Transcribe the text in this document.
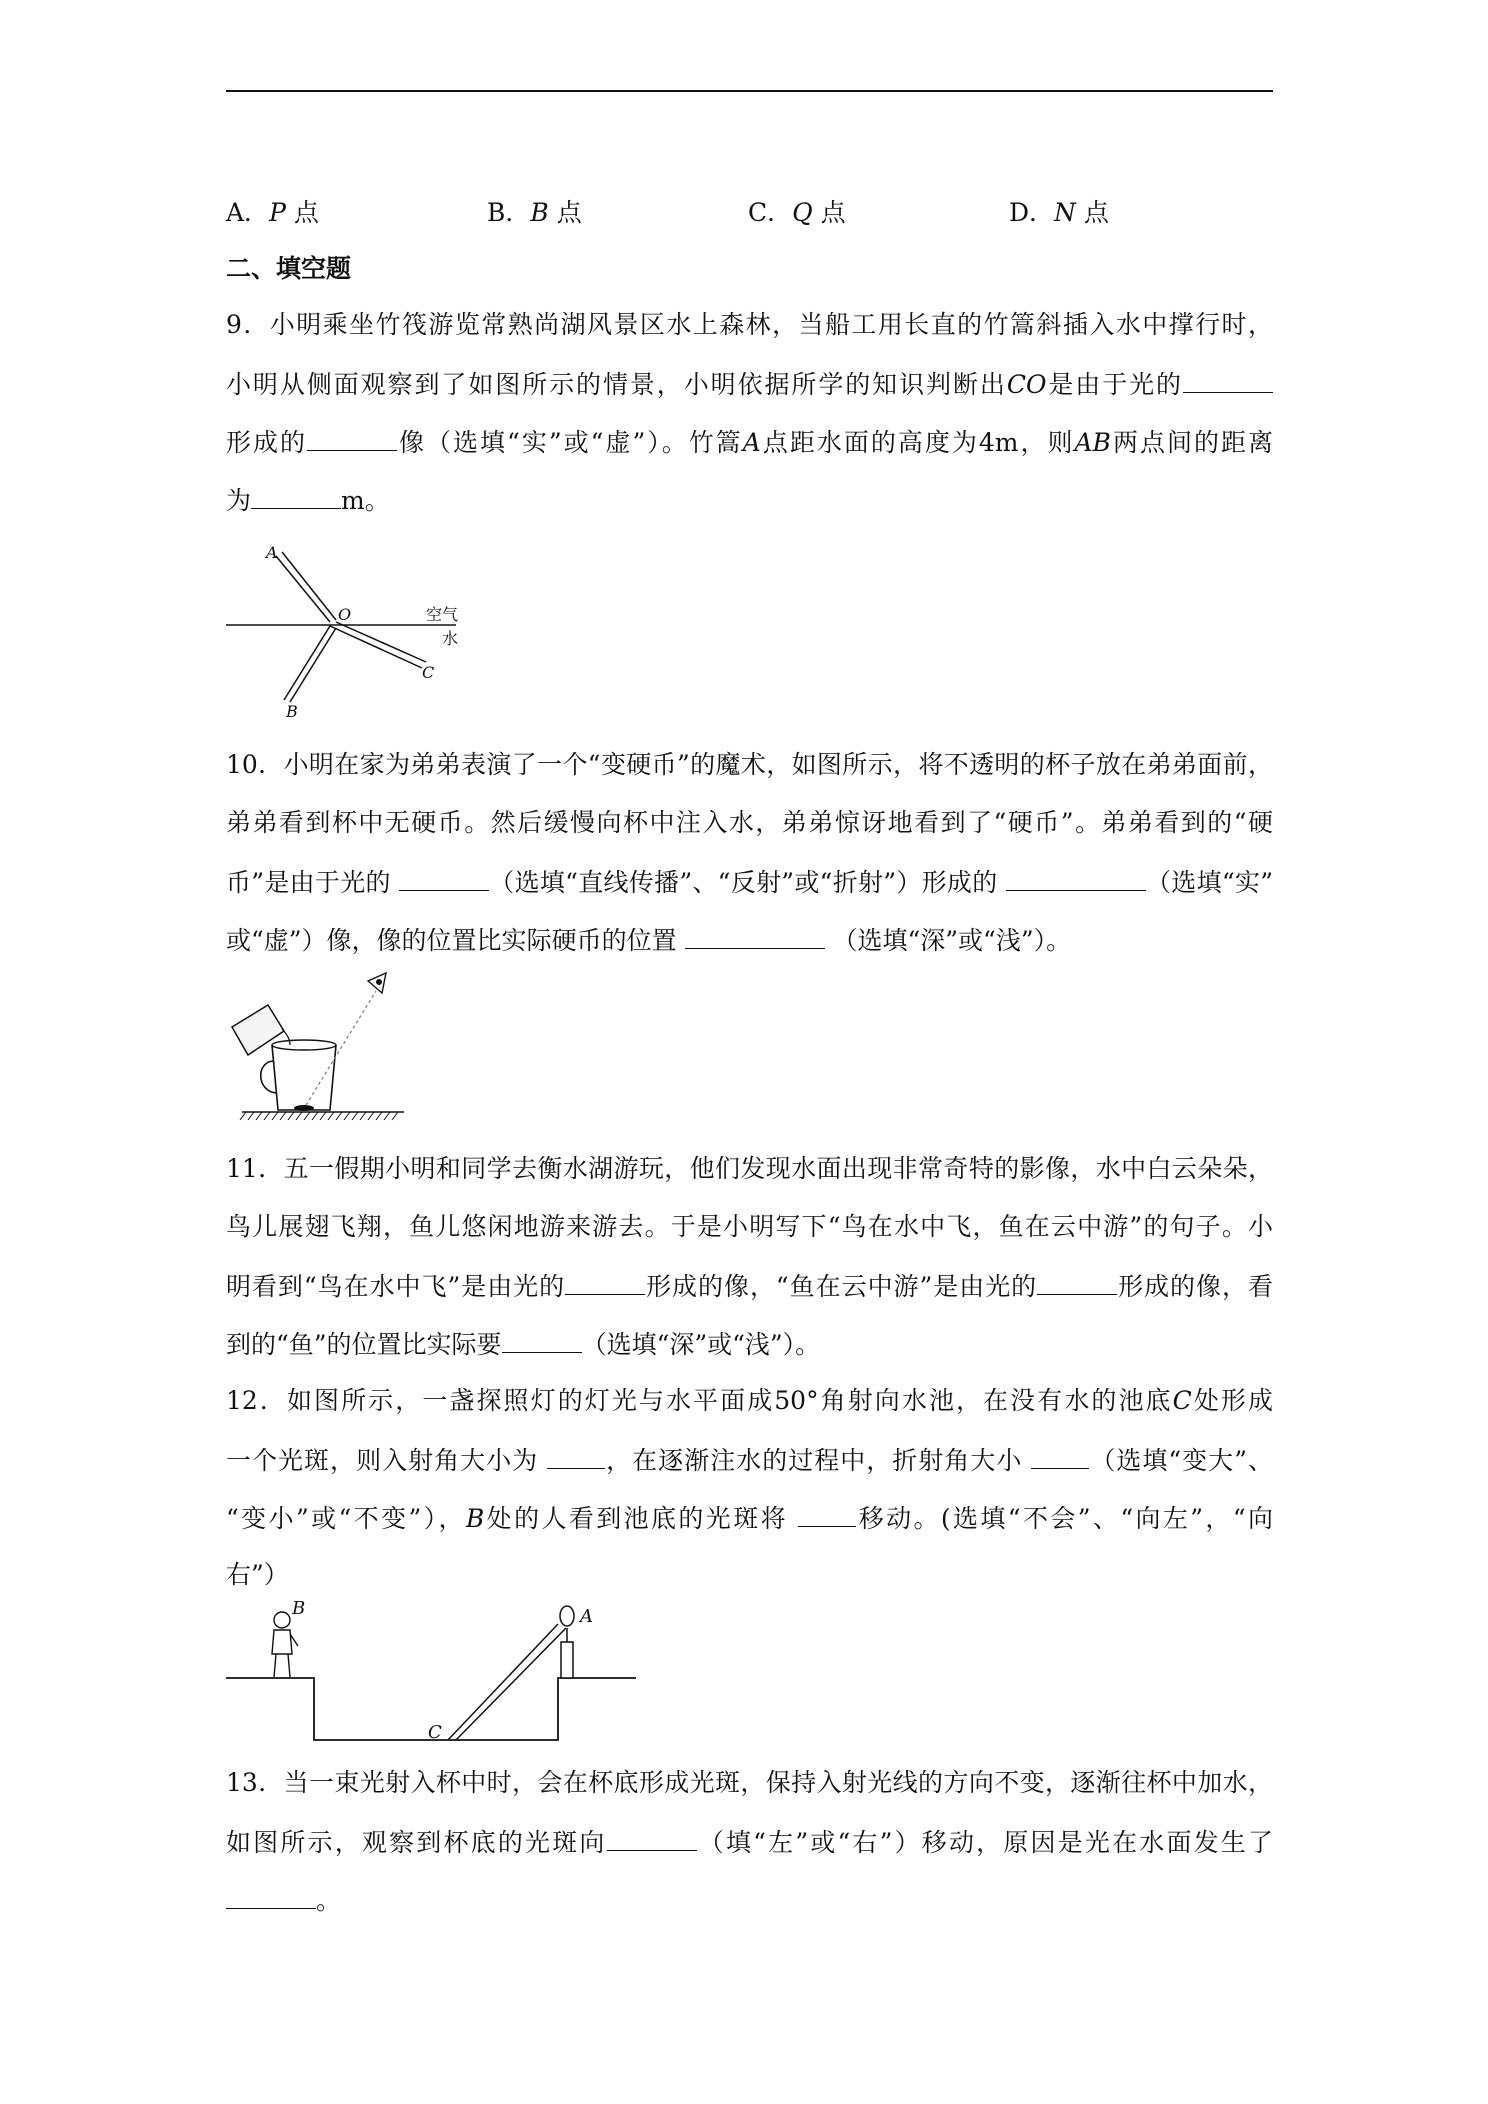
A．P 点	B．B 点	C．Q 点	D．N 点
二、填空题
9．小明乘坐竹筏游览常熟尚湖风景区水上森林，当船工用长直的竹篙斜插入水中撑行时，
小明从侧面观察到了如图所示的情景，小明依据所学的知识判断出CO是由于光的
形成的	像（选填“实”或“虚”）。竹篙A点距水面的高度为4m，则AB两点间的距离
为	m。
A
O
B
C
空气
水
10．小明在家为弟弟表演了一个“变硬币”的魔术，如图所示，将不透明的杯子放在弟弟面前，
弟弟看到杯中无硬币。然后缓慢向杯中注入水，弟弟惊讶地看到了“硬币”。弟弟看到的“硬
币”是由于光的	（选填“直线传播”、“反射”或“折射”）形成的	（选填“实”
或“虚”）像，像的位置比实际硬币的位置	（选填“深”或“浅”）。
11．五一假期小明和同学去衡水湖游玩，他们发现水面出现非常奇特的影像，水中白云朵朵，
鸟儿展翅飞翔，鱼儿悠闲地游来游去。于是小明写下“鸟在水中飞，鱼在云中游”的句子。小
明看到“鸟在水中飞”是由光的	形成的像，“鱼在云中游”是由光的	形成的像，看
到的“鱼”的位置比实际要	（选填“深”或“浅”）。
12．如图所示，一盏探照灯的灯光与水平面成50°角射向水池，在没有水的池底C处形成
一个光斑，则入射角大小为	，在逐渐注水的过程中，折射角大小	（选填“变大”、
“变小”或“不变”），B处的人看到池底的光斑将	移动。(选填“不会”、“向左”，“向
右”）
B	A
C
13．当一束光射入杯中时，会在杯底形成光斑，保持入射光线的方向不变，逐渐往杯中加水，
如图所示，观察到杯底的光斑向	（填“左”或“右”）移动，原因是光在水面发生了
。
